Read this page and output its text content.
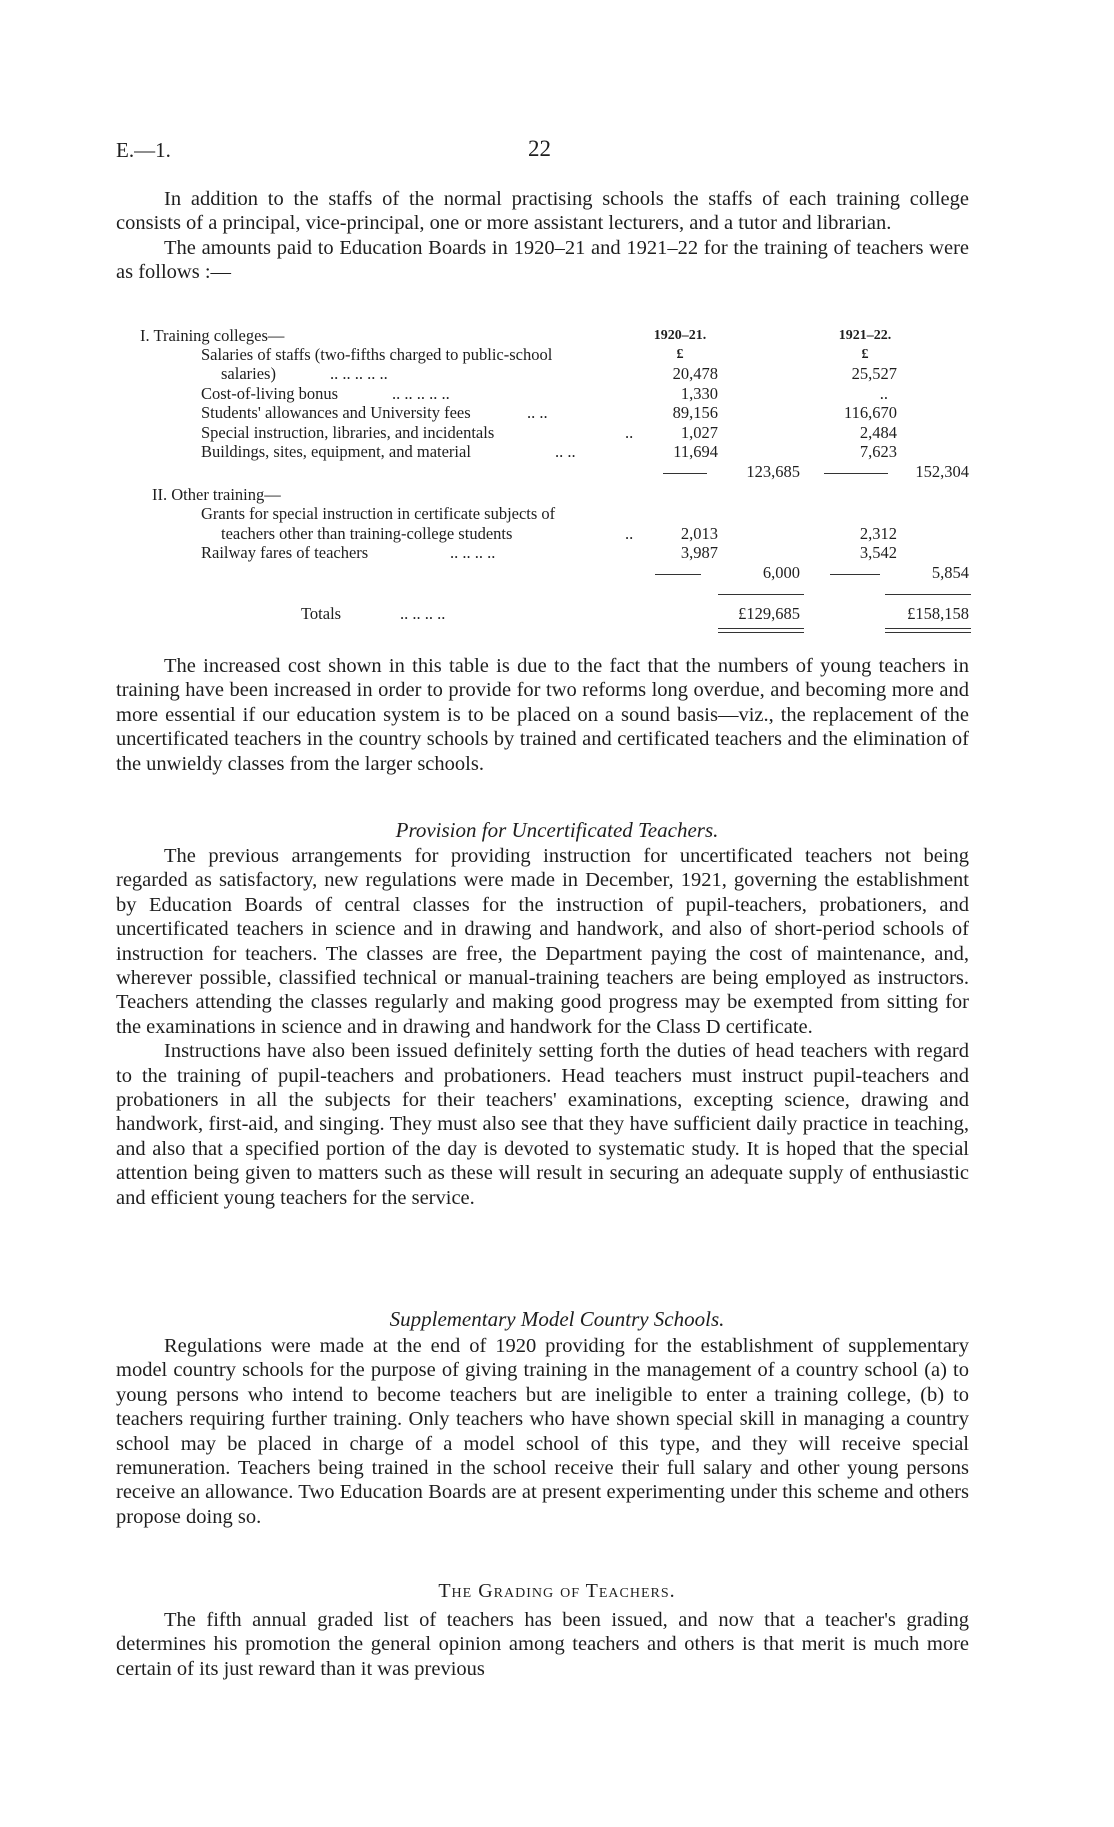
E.—1.	22

In addition to the staffs of the normal practising schools the staffs of each training college consists of a principal, vice-principal, one or more assistant lecturers, and a tutor and librarian.

The amounts paid to Education Boards in 1920–21 and 1921–22 for the training of teachers were as follows :—

I. Training colleges—	1920–21.	1921–22.
Salaries of staffs (two-fifths charged to public-school	£	£
salaries)	.. .. .. .. ..	20,478	25,527
Cost-of-living bonus	.. .. .. .. ..	1,330	..
Students' allowances and University fees	.. ..	89,156	116,670
Special instruction, libraries, and incidentals	..	1,027	2,484
Buildings, sites, equipment, and material	.. ..	11,694	7,623
123,685	152,304
II. Other training—
Grants for special instruction in certificate subjects of
teachers other than training-college students	..	2,013	2,312
Railway fares of teachers	.. .. .. ..	3,987	3,542
6,000	5,854
Totals	.. .. .. ..	£129,685	£158,158

The increased cost shown in this table is due to the fact that the numbers of young teachers in training have been increased in order to provide for two reforms long overdue, and becoming more and more essential if our education system is to be placed on a sound basis—viz., the replacement of the uncertificated teachers in the country schools by trained and certificated teachers and the elimination of the unwieldy classes from the larger schools.

Provision for Uncertificated Teachers.

The previous arrangements for providing instruction for uncertificated teachers not being regarded as satisfactory, new regulations were made in December, 1921, governing the establishment by Education Boards of central classes for the instruction of pupil-teachers, probationers, and uncertificated teachers in science and in drawing and handwork, and also of short-period schools of instruction for teachers. The classes are free, the Department paying the cost of maintenance, and, wherever possible, classified technical or manual-training teachers are being employed as instructors. Teachers attending the classes regularly and making good progress may be exempted from sitting for the examinations in science and in drawing and handwork for the Class D certificate.

Instructions have also been issued definitely setting forth the duties of head teachers with regard to the training of pupil-teachers and probationers. Head teachers must instruct pupil-teachers and probationers in all the subjects for their teachers' examinations, excepting science, drawing and handwork, first-aid, and singing. They must also see that they have sufficient daily practice in teaching, and also that a specified portion of the day is devoted to systematic study. It is hoped that the special attention being given to matters such as these will result in securing an adequate supply of enthusiastic and efficient young teachers for the service.

Supplementary Model Country Schools.

Regulations were made at the end of 1920 providing for the establishment of supplementary model country schools for the purpose of giving training in the management of a country school (a) to young persons who intend to become teachers but are ineligible to enter a training college, (b) to teachers requiring further training. Only teachers who have shown special skill in managing a country school may be placed in charge of a model school of this type, and they will receive special remuneration. Teachers being trained in the school receive their full salary and other young persons receive an allowance. Two Education Boards are at present experimenting under this scheme and others propose doing so.

The Grading of Teachers.

The fifth annual graded list of teachers has been issued, and now that a teacher's grading determines his promotion the general opinion among teachers and others is that merit is much more certain of its just reward than it was previous
